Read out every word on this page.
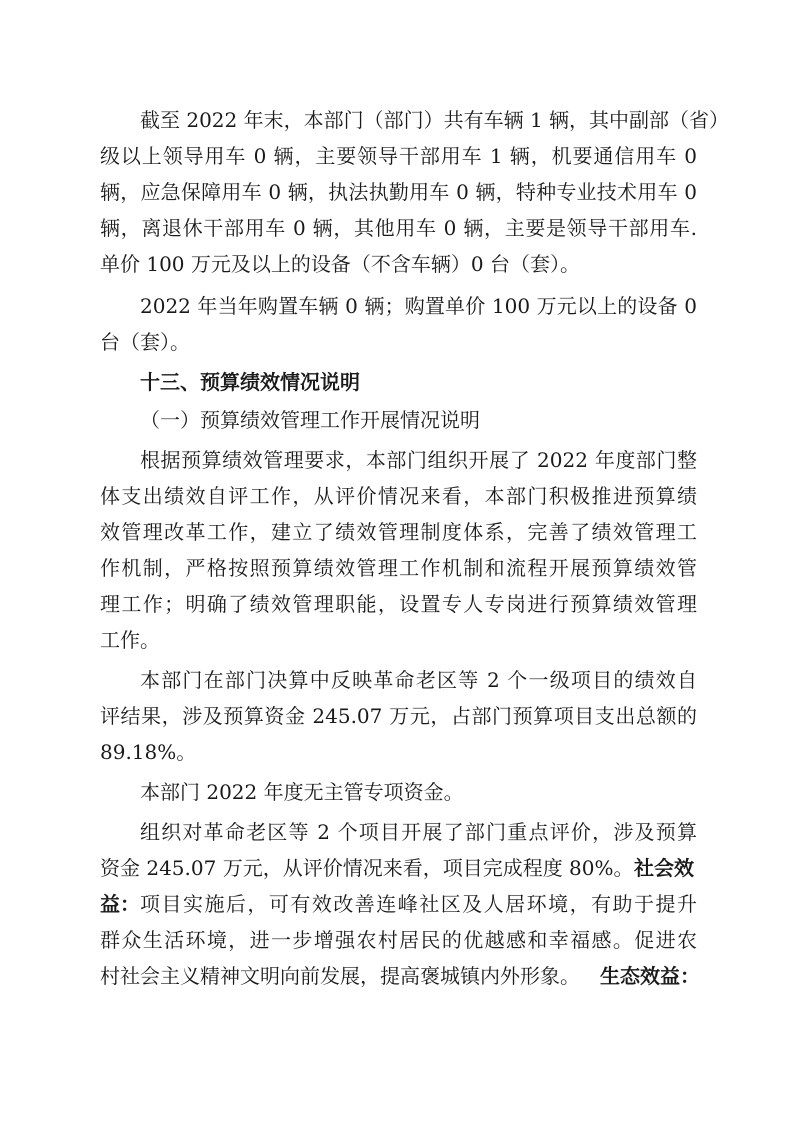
截至 2022 年末，本部门（部门）共有车辆 1 辆，其中副部（省）
级以上领导用车 0 辆，主要领导干部用车 1 辆，机要通信用车 0
辆，应急保障用车 0 辆，执法执勤用车 0 辆，特种专业技术用车 0
辆，离退休干部用车 0 辆，其他用车 0 辆，主要是领导干部用车.
单价 100 万元及以上的设备（不含车辆）0 台（套）。
2022 年当年购置车辆 0 辆；购置单价 100 万元以上的设备 0
台（套）。
十三、预算绩效情况说明
（一）预算绩效管理工作开展情况说明
根据预算绩效管理要求，本部门组织开展了 2022 年度部门整
体支出绩效自评工作，从评价情况来看，本部门积极推进预算绩
效管理改革工作，建立了绩效管理制度体系，完善了绩效管理工
作机制，严格按照预算绩效管理工作机制和流程开展预算绩效管
理工作；明确了绩效管理职能，设置专人专岗进行预算绩效管理
工作。
本部门在部门决算中反映革命老区等 2 个一级项目的绩效自
评结果，涉及预算资金 245.07 万元，占部门预算项目支出总额的
89.18%。
本部门 2022 年度无主管专项资金。
组织对革命老区等 2 个项目开展了部门重点评价，涉及预算
资金 245.07 万元，从评价情况来看，项目完成程度 80%。 社会效
益： 项目实施后，可有效改善连峰社区及人居环境，有助于提升
群众生活环境，进一步增强农村居民的优越感和幸福感。促进农
村社会主义精神文明向前发展，提高褒城镇内外形象。 生态效益：
